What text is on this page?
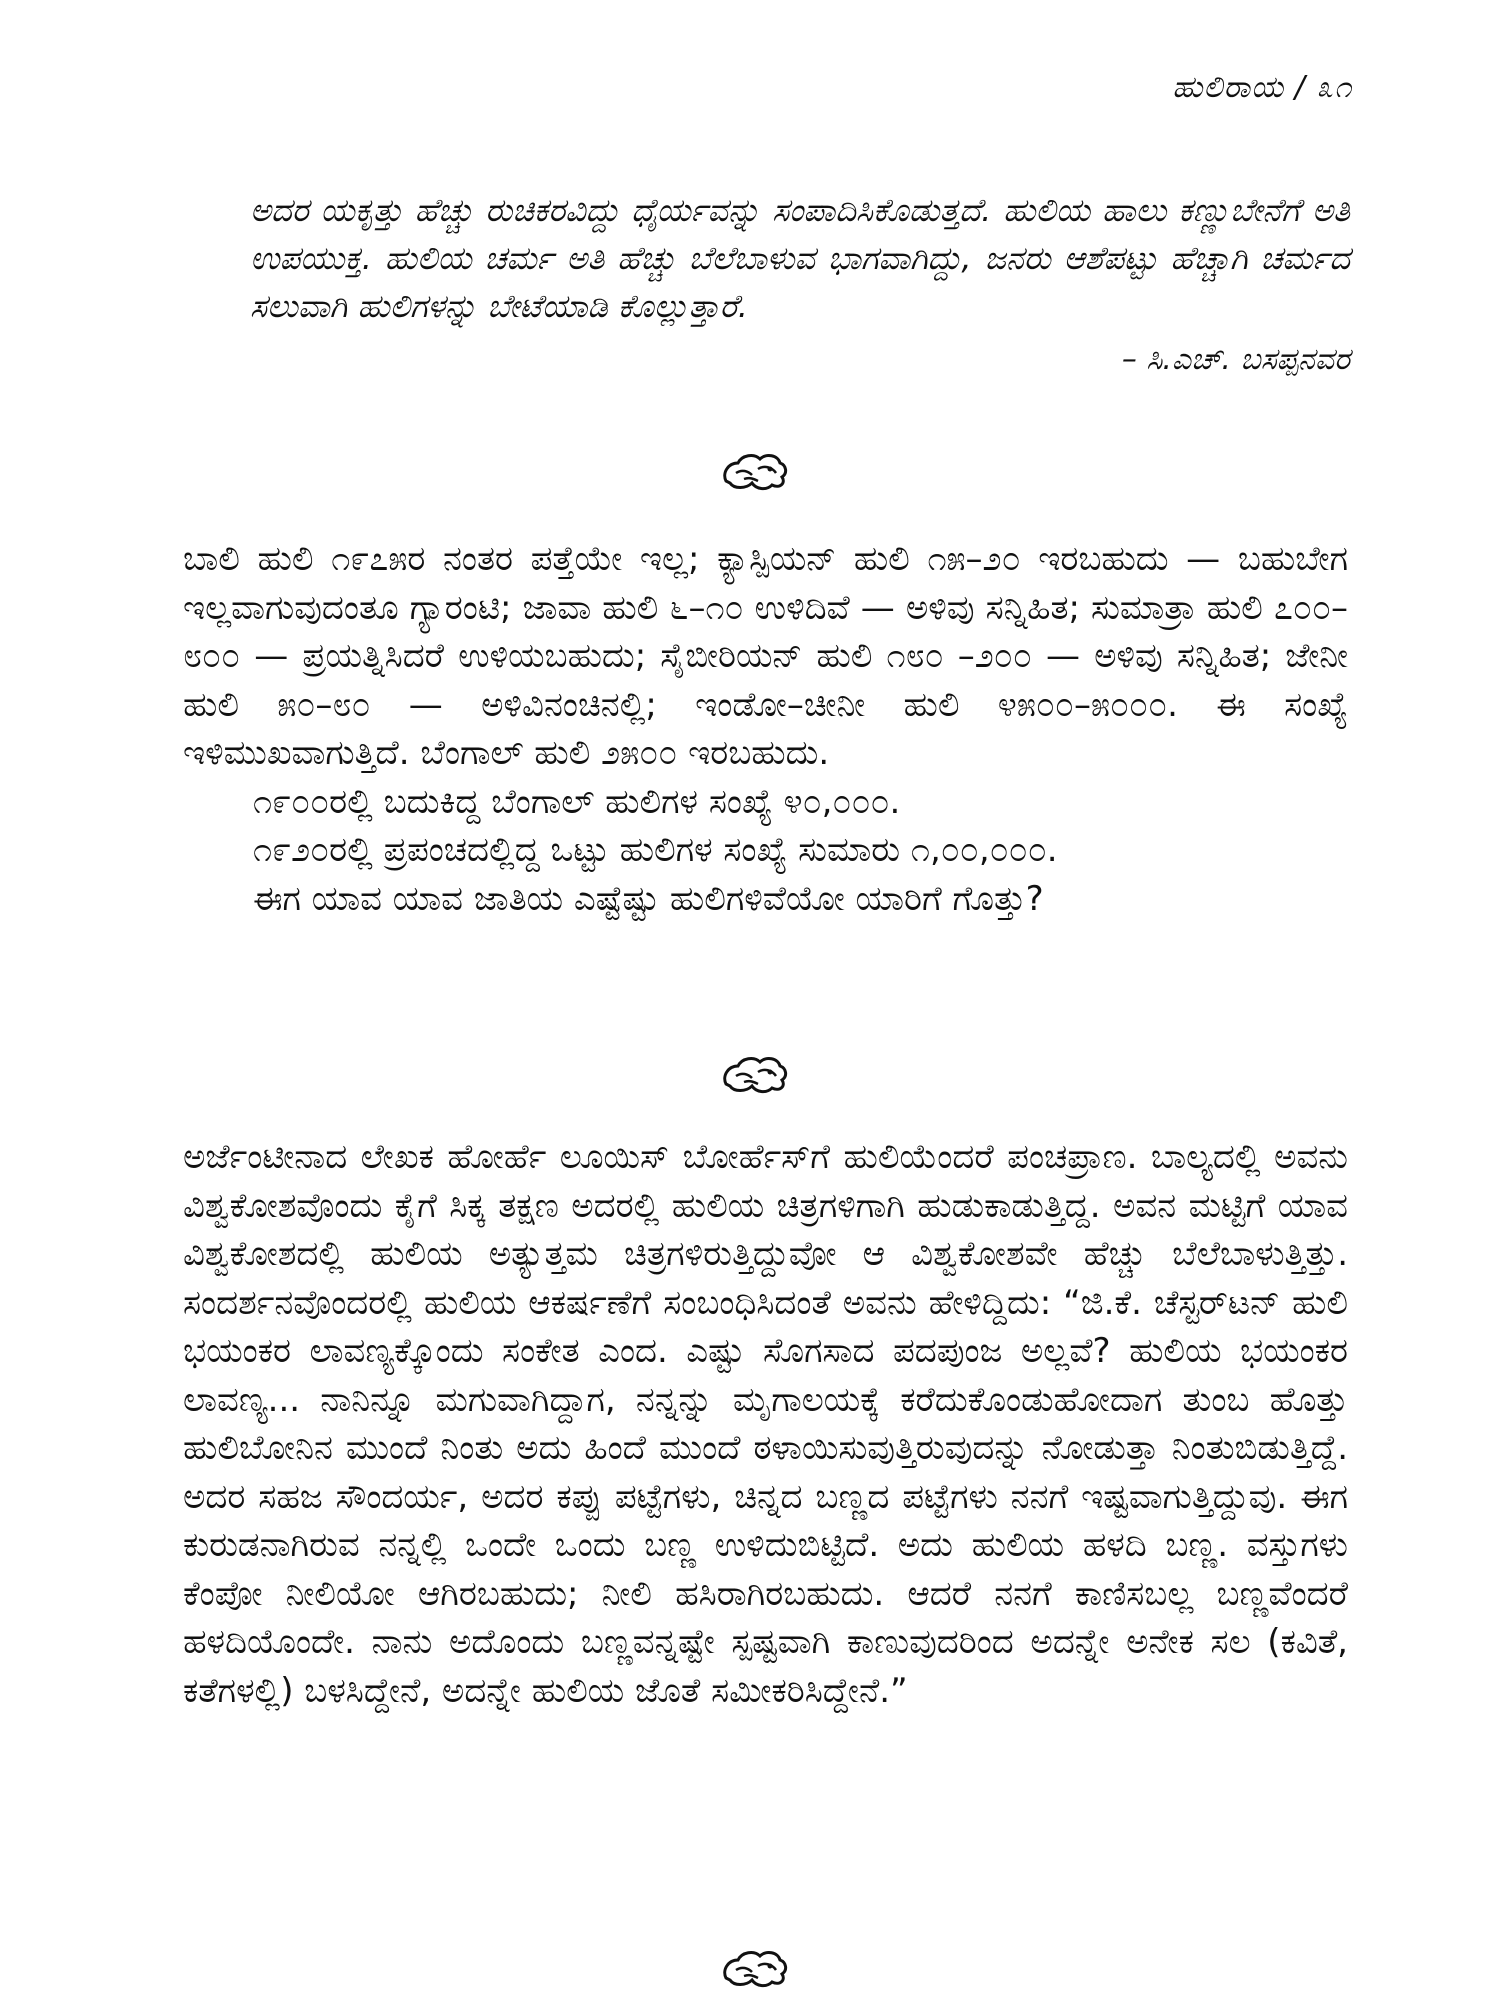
ಹುಲಿರಾಯ / ೩೧

ಅದರ ಯಕೃತ್ತು ಹೆಚ್ಚು ರುಚಿಕರವಿದ್ದು ಧೈರ್ಯವನ್ನು ಸಂಪಾದಿಸಿಕೊಡುತ್ತದೆ. ಹುಲಿಯ ಹಾಲು ಕಣ್ಣುಬೇನೆಗೆ ಅತಿ ಉಪಯುಕ್ತ. ಹುಲಿಯ ಚರ್ಮ ಅತಿ ಹೆಚ್ಚು ಬೆಲೆಬಾಳುವ ಭಾಗವಾಗಿದ್ದು, ಜನರು ಆಶೆಪಟ್ಟು ಹೆಚ್ಚಾಗಿ ಚರ್ಮದ ಸಲುವಾಗಿ ಹುಲಿಗಳನ್ನು ಬೇಟೆಯಾಡಿ ಕೊಲ್ಲುತ್ತಾರೆ.

– ಸಿ.ಎಚ್. ಬಸಪ್ಪನವರ

ಬಾಲಿ ಹುಲಿ ೧೯೭೫ರ ನಂತರ ಪತ್ತೆಯೇ ಇಲ್ಲ; ಕ್ಯಾಸ್ಪಿಯನ್ ಹುಲಿ ೧೫–೨೦ ಇರಬಹುದು — ಬಹುಬೇಗ ಇಲ್ಲವಾಗುವುದಂತೂ ಗ್ಯಾರಂಟಿ; ಜಾವಾ ಹುಲಿ ೬–೧೦ ಉಳಿದಿವೆ — ಅಳಿವು ಸನ್ನಿಹಿತ; ಸುಮಾತ್ರಾ ಹುಲಿ ೭೦೦–೮೦೦ — ಪ್ರಯತ್ನಿಸಿದರೆ ಉಳಿಯಬಹುದು; ಸೈಬೀರಿಯನ್ ಹುಲಿ ೧೮೦ –೨೦೦ — ಅಳಿವು ಸನ್ನಿಹಿತ; ಜೇನೀ ಹುಲಿ ೫೦–೮೦ — ಅಳಿವಿನಂಚಿನಲ್ಲಿ; ಇಂಡೋ–ಚೀನೀ ಹುಲಿ ೪೫೦೦–೫೦೦೦. ಈ ಸಂಖ್ಯೆ ಇಳಿಮುಖವಾಗುತ್ತಿದೆ. ಬೆಂಗಾಲ್ ಹುಲಿ ೨೫೦೦ ಇರಬಹುದು.

೧೯೦೦ರಲ್ಲಿ ಬದುಕಿದ್ದ ಬೆಂಗಾಲ್ ಹುಲಿಗಳ ಸಂಖ್ಯೆ ೪೦,೦೦೦.

೧೯೨೦ರಲ್ಲಿ ಪ್ರಪಂಚದಲ್ಲಿದ್ದ ಒಟ್ಟು ಹುಲಿಗಳ ಸಂಖ್ಯೆ ಸುಮಾರು ೧,೦೦,೦೦೦.

ಈಗ ಯಾವ ಯಾವ ಜಾತಿಯ ಎಷ್ಟೆಷ್ಟು ಹುಲಿಗಳಿವೆಯೋ ಯಾರಿಗೆ ಗೊತ್ತು?

ಅರ್ಜೆಂಟೀನಾದ ಲೇಖಕ ಹೋರ್ಹೆ ಲೂಯಿಸ್ ಬೋರ್ಹೆಸ್‌ಗೆ ಹುಲಿಯೆಂದರೆ ಪಂಚಪ್ರಾಣ. ಬಾಲ್ಯದಲ್ಲಿ ಅವನು ವಿಶ್ವಕೋಶವೊಂದು ಕೈಗೆ ಸಿಕ್ಕ ತಕ್ಷಣ ಅದರಲ್ಲಿ ಹುಲಿಯ ಚಿತ್ರಗಳಿಗಾಗಿ ಹುಡುಕಾಡುತ್ತಿದ್ದ. ಅವನ ಮಟ್ಟಿಗೆ ಯಾವ ವಿಶ್ವಕೋಶದಲ್ಲಿ ಹುಲಿಯ ಅತ್ಯುತ್ತಮ ಚಿತ್ರಗಳಿರುತ್ತಿದ್ದುವೋ ಆ ವಿಶ್ವಕೋಶವೇ ಹೆಚ್ಚು ಬೆಲೆಬಾಳುತ್ತಿತ್ತು. ಸಂದರ್ಶನವೊಂದರಲ್ಲಿ ಹುಲಿಯ ಆಕರ್ಷಣೆಗೆ ಸಂಬಂಧಿಸಿದಂತೆ ಅವನು ಹೇಳಿದ್ದಿದು: “ಜಿ.ಕೆ. ಚೆಸ್ಟರ್‌ಟನ್ ಹುಲಿ ಭಯಂಕರ ಲಾವಣ್ಯಕ್ಕೊಂದು ಸಂಕೇತ ಎಂದ. ಎಷ್ಟು ಸೊಗಸಾದ ಪದಪುಂಜ ಅಲ್ಲವೆ? ಹುಲಿಯ ಭಯಂಕರ ಲಾವಣ್ಯ... ನಾನಿನ್ನೂ ಮಗುವಾಗಿದ್ದಾಗ, ನನ್ನನ್ನು ಮೃಗಾಲಯಕ್ಕೆ ಕರೆದುಕೊಂಡುಹೋದಾಗ ತುಂಬ ಹೊತ್ತು ಹುಲಿಬೋನಿನ ಮುಂದೆ ನಿಂತು ಅದು ಹಿಂದೆ ಮುಂದೆ ಠಳಾಯಿಸುವುತ್ತಿರುವುದನ್ನು ನೋಡುತ್ತಾ ನಿಂತುಬಿಡುತ್ತಿದ್ದೆ. ಅದರ ಸಹಜ ಸೌಂದರ್ಯ, ಅದರ ಕಪ್ಪು ಪಟ್ಟೆಗಳು, ಚಿನ್ನದ ಬಣ್ಣದ ಪಟ್ಟೆಗಳು ನನಗೆ ಇಷ್ಟವಾಗುತ್ತಿದ್ದುವು. ಈಗ ಕುರುಡನಾಗಿರುವ ನನ್ನಲ್ಲಿ ಒಂದೇ ಒಂದು ಬಣ್ಣ ಉಳಿದುಬಿಟ್ಟಿದೆ. ಅದು ಹುಲಿಯ ಹಳದಿ ಬಣ್ಣ. ವಸ್ತುಗಳು ಕೆಂಪೋ ನೀಲಿಯೋ ಆಗಿರಬಹುದು; ನೀಲಿ ಹಸಿರಾಗಿರಬಹುದು. ಆದರೆ ನನಗೆ ಕಾಣಿಸಬಲ್ಲ ಬಣ್ಣವೆಂದರೆ ಹಳದಿಯೊಂದೇ. ನಾನು ಅದೊಂದು ಬಣ್ಣವನ್ನಷ್ಟೇ ಸ್ಪಷ್ಟವಾಗಿ ಕಾಣುವುದರಿಂದ ಅದನ್ನೇ ಅನೇಕ ಸಲ (ಕವಿತೆ, ಕತೆಗಳಲ್ಲಿ) ಬಳಸಿದ್ದೇನೆ, ಅದನ್ನೇ ಹುಲಿಯ ಜೊತೆ ಸಮೀಕರಿಸಿದ್ದೇನೆ.”
